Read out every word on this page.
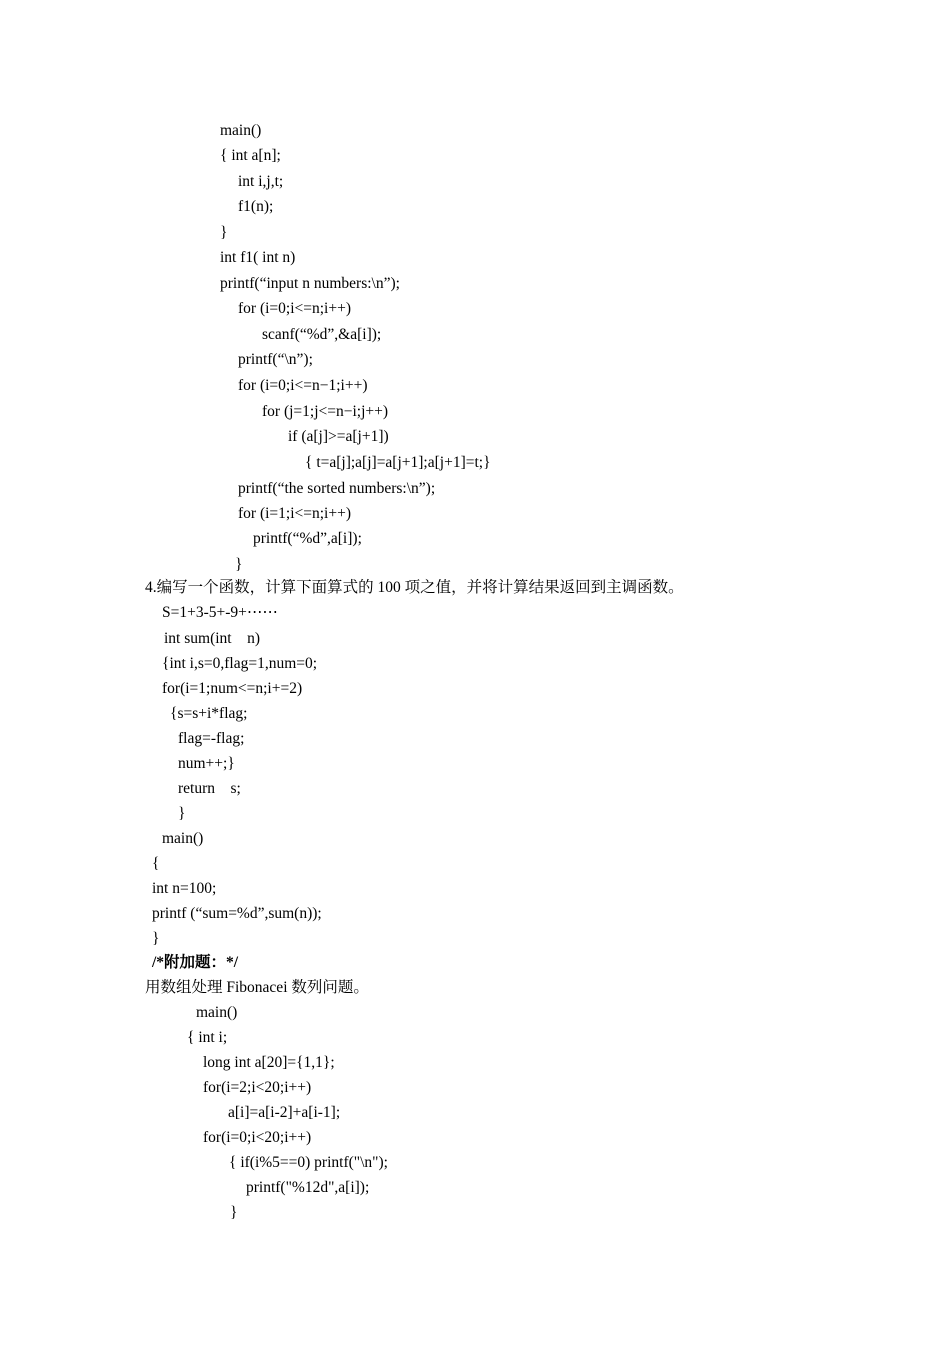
main()

{ int a[n];

int i,j,t;

f1(n);

}

int f1( int n)

printf(“input n numbers:\n”);

for (i=0;i<=n;i++)

scanf(“%d”,&a[i]);

printf(“\n”);

for (i=0;i<=n−1;i++)

for (j=1;j<=n−i;j++)

if (a[j]>=a[j+1])

{ t=a[j];a[j]=a[j+1];a[j+1]=t;}

printf(“the sorted numbers:\n”);

for (i=1;i<=n;i++)

printf(“%d”,a[i]);

}

4.编写一个函数，计算下面算式的 100 项之值，并将计算结果返回到主调函数。

S=1+3-5+-9+⋯⋯

int sum(int    n)

{int i,s=0,flag=1,num=0;

for(i=1;num<=n;i+=2)

{s=s+i*flag;

flag=-flag;

num++;}

return    s;

}

main()

{

int n=100;

printf (“sum=%d”,sum(n));

}

/*附加题：*/

用数组处理 Fibonacei 数列问题。

main()

{ int i;

long int a[20]={1,1};

for(i=2;i<20;i++)

a[i]=a[i-2]+a[i-1];

for(i=0;i<20;i++)

{ if(i%5==0) printf("\n");

printf("%12d",a[i]);

}
